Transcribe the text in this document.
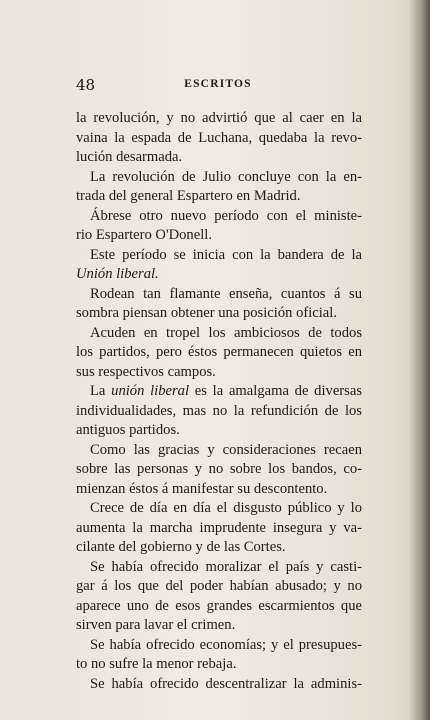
48	ESCRITOS
la revolución, y no advirtió que al caer en la
vaina la espada de Luchana, quedaba la revo-
lución desarmada.
La revolución de Julio concluye con la en-
trada del general Espartero en Madrid.
Ábrese otro nuevo período con el ministe-
rio Espartero O'Donell.
Este período se inicia con la bandera de la
Unión liberal.
Rodean tan flamante enseña, cuantos á su
sombra piensan obtener una posición oficial.
Acuden en tropel los ambiciosos de todos
los partidos, pero éstos permanecen quietos en
sus respectivos campos.
La unión liberal es la amalgama de diversas
individualidades, mas no la refundición de los
antiguos partidos.
Como las gracias y consideraciones recaen
sobre las personas y no sobre los bandos, co-
mienzan éstos á manifestar su descontento.
Crece de día en día el disgusto público y lo
aumenta la marcha imprudente insegura y va-
cilante del gobierno y de las Cortes.
Se había ofrecido moralizar el país y casti-
gar á los que del poder habían abusado; y no
aparece uno de esos grandes escarmientos que
sirven para lavar el crimen.
Se había ofrecido economías; y el presupues-
to no sufre la menor rebaja.
Se había ofrecido descentralizar la adminis-
